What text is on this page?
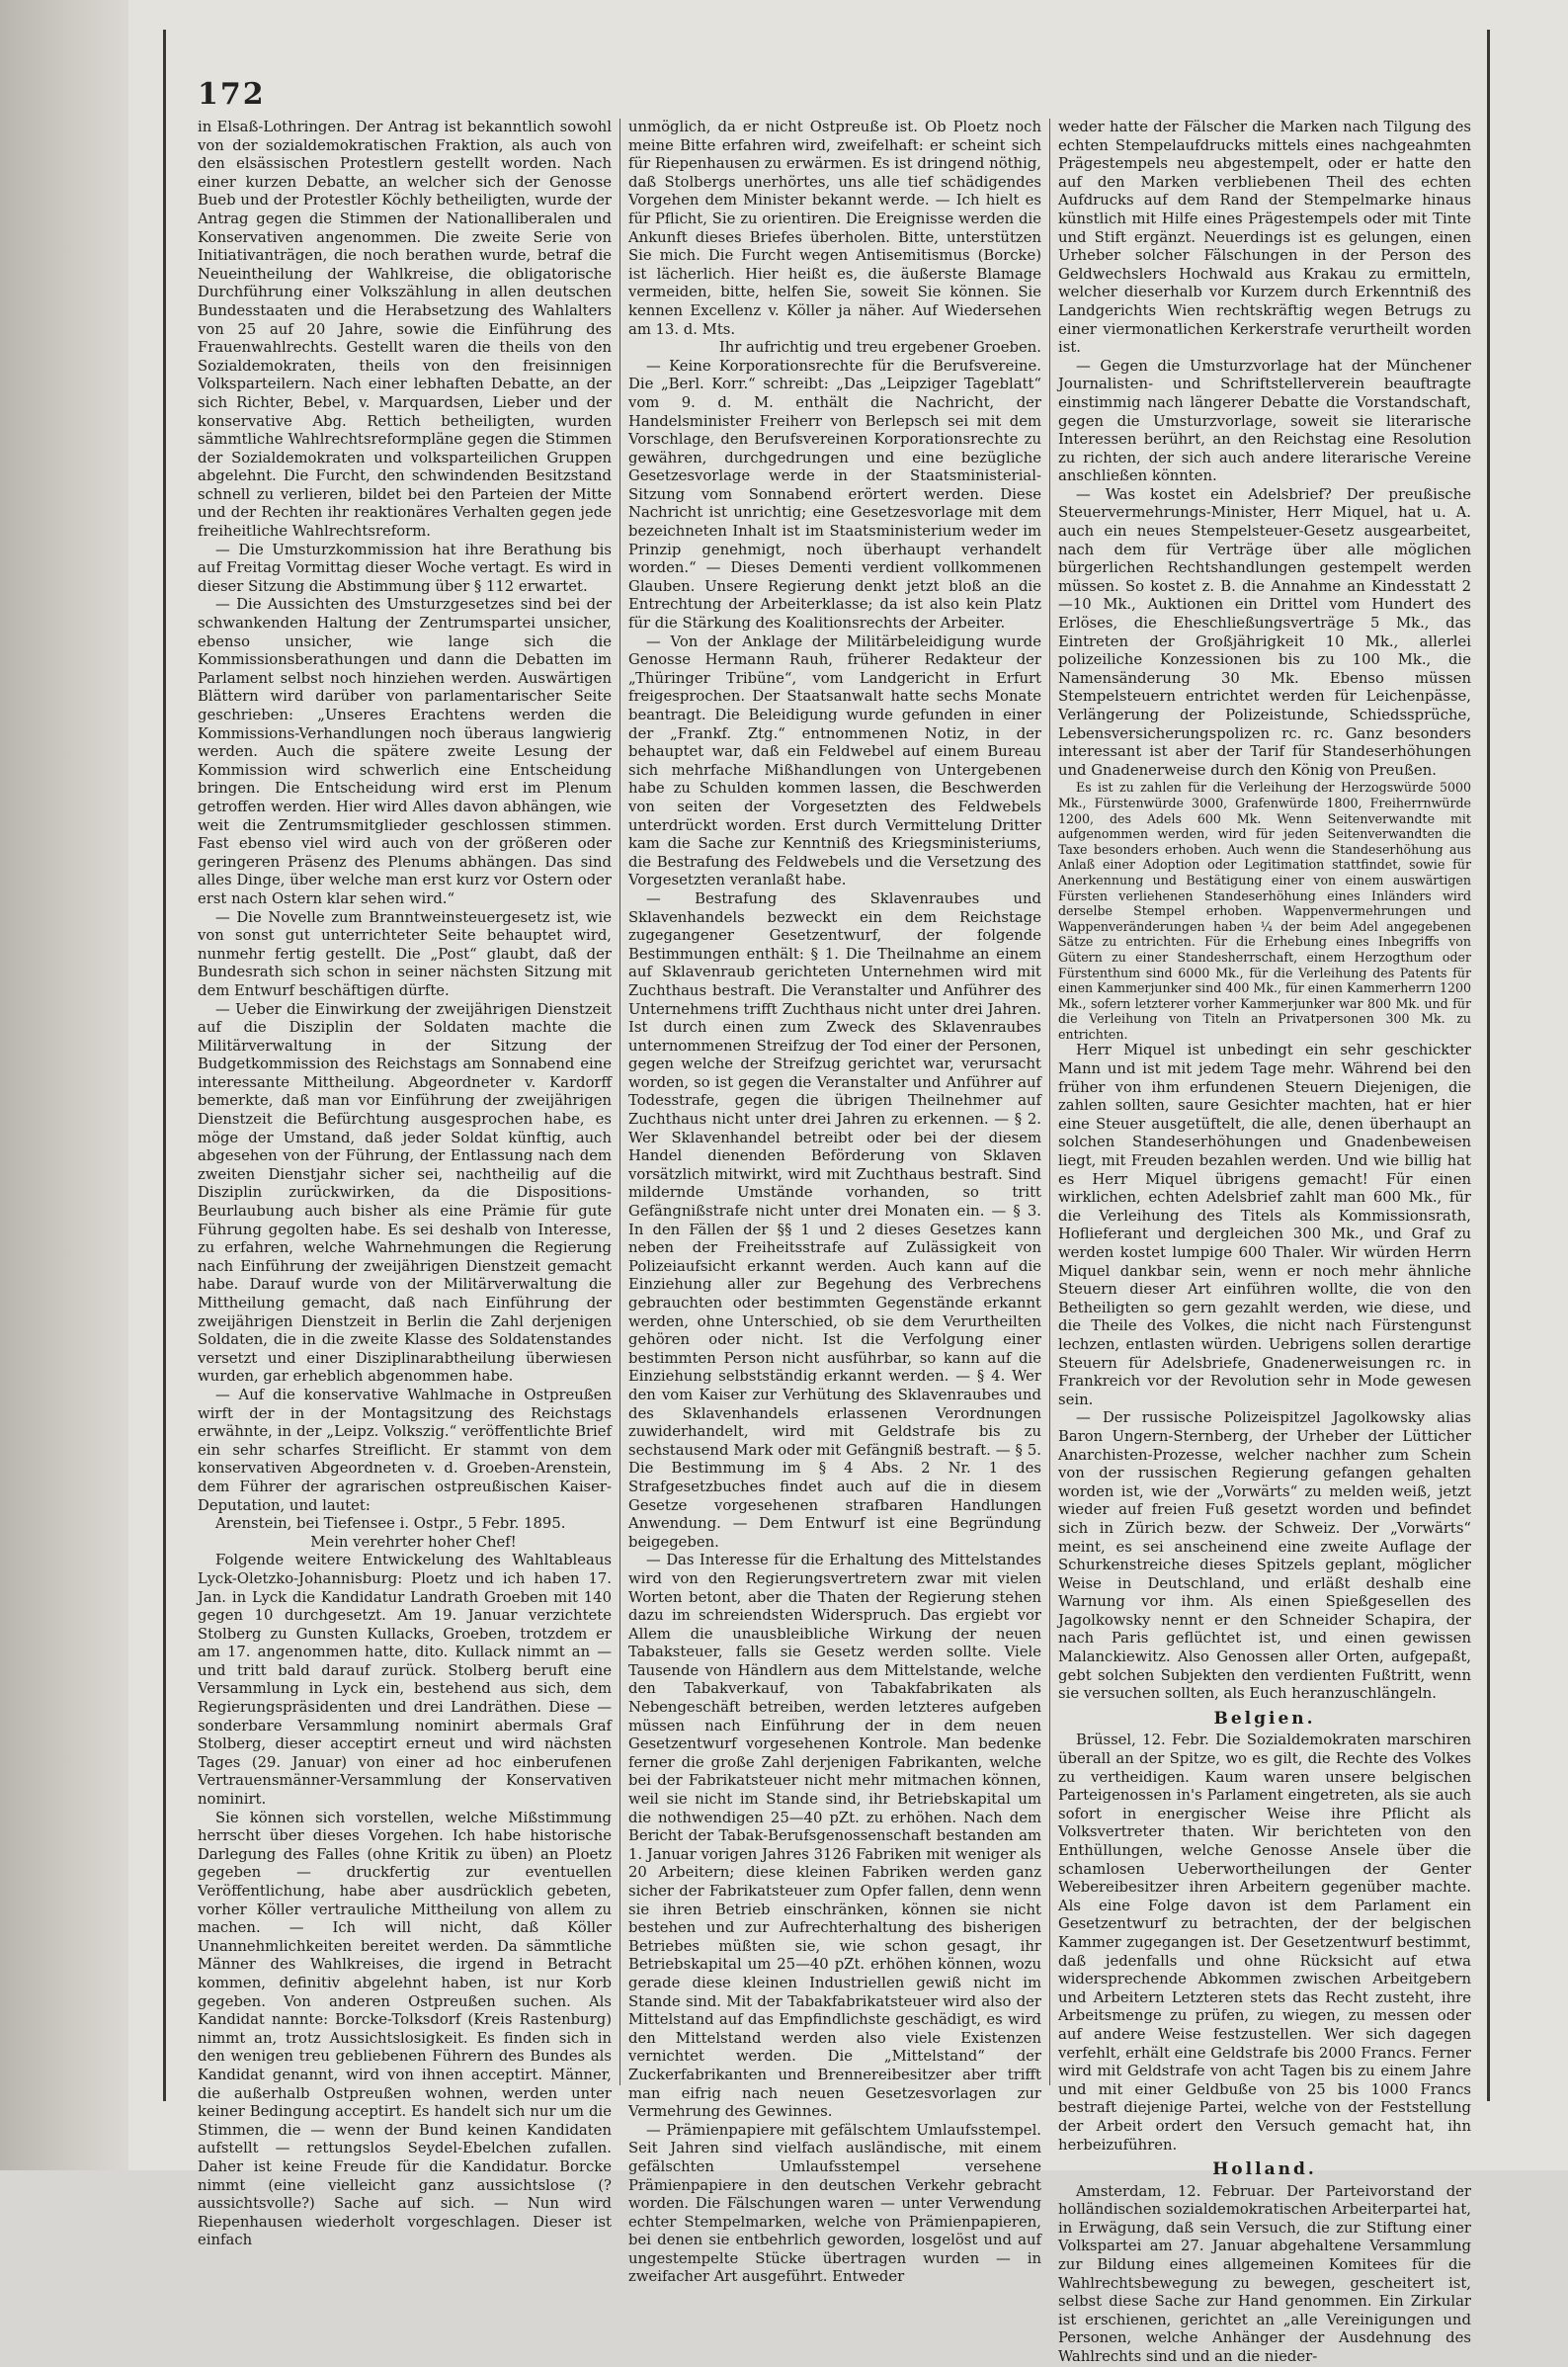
172

in Elsaß-Lothringen. Der Antrag ist bekanntlich sowohl von der sozialdemokratischen Fraktion, als auch von den elsässischen Protestlern gestellt worden. Nach einer kurzen Debatte, an welcher sich der Genosse Bueb und der Protestler Köchly betheiligten, wurde der Antrag gegen die Stimmen der Nationalliberalen und Konservativen angenommen. Die zweite Serie von Initiativanträgen, die noch berathen wurde, betraf die Neueintheilung der Wahlkreise, die obligatorische Durchführung einer Volkszählung in allen deutschen Bundesstaaten und die Herabsetzung des Wahlalters von 25 auf 20 Jahre, sowie die Einführung des Frauenwahlrechts. Gestellt waren die theils von den Sozialdemokraten, theils von den freisinnigen Volksparteilern. Nach einer lebhaften Debatte, an der sich Richter, Bebel, v. Marquardsen, Lieber und der konservative Abg. Rettich betheiligten, wurden sämmtliche Wahlrechtsreformpläne gegen die Stimmen der Sozialdemokraten und volksparteilichen Gruppen abgelehnt. Die Furcht, den schwindenden Besitzstand schnell zu verlieren, bildet bei den Parteien der Mitte und der Rechten ihr reaktionäres Verhalten gegen jede freiheitliche Wahlrechtsreform.

— Die Umsturzkommission hat ihre Berathung bis auf Freitag Vormittag dieser Woche vertagt. Es wird in dieser Sitzung die Abstimmung über § 112 erwartet.

— Die Aussichten des Umsturzgesetzes sind bei der schwankenden Haltung der Zentrumspartei unsicher, ebenso unsicher, wie lange sich die Kommissionsberathungen und dann die Debatten im Parlament selbst noch hinziehen werden. Auswärtigen Blättern wird darüber von parlamentarischer Seite geschrieben: „Unseres Erachtens werden die Kommissions-Verhandlungen noch überaus langwierig werden. Auch die spätere zweite Lesung der Kommission wird schwerlich eine Entscheidung bringen. Die Entscheidung wird erst im Plenum getroffen werden. Hier wird Alles davon abhängen, wie weit die Zentrumsmitglieder geschlossen stimmen. Fast ebenso viel wird auch von der größeren oder geringeren Präsenz des Plenums abhängen. Das sind alles Dinge, über welche man erst kurz vor Ostern oder erst nach Ostern klar sehen wird.“

— Die Novelle zum Branntweinsteuergesetz ist, wie von sonst gut unterrichteter Seite behauptet wird, nunmehr fertig gestellt. Die „Post“ glaubt, daß der Bundesrath sich schon in seiner nächsten Sitzung mit dem Entwurf beschäftigen dürfte.

— Ueber die Einwirkung der zweijährigen Dienstzeit auf die Disziplin der Soldaten machte die Militärverwaltung in der Sitzung der Budgetkommission des Reichstags am Sonnabend eine interessante Mittheilung. Abgeordneter v. Kardorff bemerkte, daß man vor Einführung der zweijährigen Dienstzeit die Befürchtung ausgesprochen habe, es möge der Umstand, daß jeder Soldat künftig, auch abgesehen von der Führung, der Entlassung nach dem zweiten Dienstjahr sicher sei, nachtheilig auf die Disziplin zurückwirken, da die Dispositions-Beurlaubung auch bisher als eine Prämie für gute Führung gegolten habe. Es sei deshalb von Interesse, zu erfahren, welche Wahrnehmungen die Regierung nach Einführung der zweijährigen Dienstzeit gemacht habe. Darauf wurde von der Militärverwaltung die Mittheilung gemacht, daß nach Einführung der zweijährigen Dienstzeit in Berlin die Zahl derjenigen Soldaten, die in die zweite Klasse des Soldatenstandes versetzt und einer Disziplinarabtheilung überwiesen wurden, gar erheblich abgenommen habe.

— Auf die konservative Wahlmache in Ostpreußen wirft der in der Montagsitzung des Reichstags erwähnte, in der „Leipz. Volkszig.“ veröffentlichte Brief ein sehr scharfes Streiflicht. Er stammt von dem konservativen Abgeordneten v. d. Groeben-Arenstein, dem Führer der agrarischen ostpreußischen Kaiser-Deputation, und lautet:

Arenstein, bei Tiefensee i. Ostpr., 5 Febr. 1895.

Mein verehrter hoher Chef!

Folgende weitere Entwickelung des Wahltableaus Lyck-Oletzko-Johannisburg: Ploetz und ich haben 17. Jan. in Lyck die Kandidatur Landrath Groeben mit 140 gegen 10 durchgesetzt. Am 19. Januar verzichtete Stolberg zu Gunsten Kullacks, Groeben, trotzdem er am 17. angenommen hatte, dito. Kullack nimmt an — und tritt bald darauf zurück. Stolberg beruft eine Versammlung in Lyck ein, bestehend aus sich, dem Regierungspräsidenten und drei Landräthen. Diese — sonderbare Versammlung nominirt abermals Graf Stolberg, dieser acceptirt erneut und wird nächsten Tages (29. Januar) von einer ad hoc einberufenen Vertrauensmänner-Versammlung der Konservativen nominirt.

Sie können sich vorstellen, welche Mißstimmung herrscht über dieses Vorgehen. Ich habe historische Darlegung des Falles (ohne Kritik zu üben) an Ploetz gegeben — druckfertig zur eventuellen Veröffentlichung, habe aber ausdrücklich gebeten, vorher Köller vertrauliche Mittheilung von allem zu machen. — Ich will nicht, daß Köller Unannehmlichkeiten bereitet werden. Da sämmtliche Männer des Wahlkreises, die irgend in Betracht kommen, definitiv abgelehnt haben, ist nur Korb gegeben. Von anderen Ostpreußen suchen. Als Kandidat nannte: Borcke-Tolksdorf (Kreis Rastenburg) nimmt an, trotz Aussichtslosigkeit. Es finden sich in den wenigen treu gebliebenen Führern des Bundes als Kandidat genannt, wird von ihnen acceptirt. Männer, die außerhalb Ostpreußen wohnen, werden unter keiner Bedingung acceptirt. Es handelt sich nur um die Stimmen, die — wenn der Bund keinen Kandidaten aufstellt — rettungslos Seydel-Ebelchen zufallen. Daher ist keine Freude für die Kandidatur. Borcke nimmt (eine vielleicht ganz aussichtslose (? aussichtsvolle?) Sache auf sich. — Nun wird Riepenhausen wiederholt vorgeschlagen. Dieser ist einfach

unmöglich, da er nicht Ostpreuße ist. Ob Ploetz noch meine Bitte erfahren wird, zweifelhaft: er scheint sich für Riepenhausen zu erwärmen. Es ist dringend nöthig, daß Stolbergs unerhörtes, uns alle tief schädigendes Vorgehen dem Minister bekannt werde. — Ich hielt es für Pflicht, Sie zu orientiren. Die Ereignisse werden die Ankunft dieses Briefes überholen. Bitte, unterstützen Sie mich. Die Furcht wegen Antisemitismus (Borcke) ist lächerlich. Hier heißt es, die äußerste Blamage vermeiden, bitte, helfen Sie, soweit Sie können. Sie kennen Excellenz v. Köller ja näher. Auf Wiedersehen am 13. d. Mts.

Ihr aufrichtig und treu ergebener Groeben.

— Keine Korporationsrechte für die Berufsvereine. Die „Berl. Korr.“ schreibt: „Das „Leipziger Tageblatt“ vom 9. d. M. enthält die Nachricht, der Handelsminister Freiherr von Berlepsch sei mit dem Vorschlage, den Berufsvereinen Korporationsrechte zu gewähren, durchgedrungen und eine bezügliche Gesetzesvorlage werde in der Staatsministerial-Sitzung vom Sonnabend erörtert werden. Diese Nachricht ist unrichtig; eine Gesetzesvorlage mit dem bezeichneten Inhalt ist im Staatsministerium weder im Prinzip genehmigt, noch überhaupt verhandelt worden.“ — Dieses Dementi verdient vollkommenen Glauben. Unsere Regierung denkt jetzt bloß an die Entrechtung der Arbeiterklasse; da ist also kein Platz für die Stärkung des Koalitionsrechts der Arbeiter.

— Von der Anklage der Militärbeleidigung wurde Genosse Hermann Rauh, früherer Redakteur der „Thüringer Tribüne“, vom Landgericht in Erfurt freigesprochen. Der Staatsanwalt hatte sechs Monate beantragt. Die Beleidigung wurde gefunden in einer der „Frankf. Ztg.“ entnommenen Notiz, in der behauptet war, daß ein Feldwebel auf einem Bureau sich mehrfache Mißhandlungen von Untergebenen habe zu Schulden kommen lassen, die Beschwerden von seiten der Vorgesetzten des Feldwebels unterdrückt worden. Erst durch Vermittelung Dritter kam die Sache zur Kenntniß des Kriegsministeriums, die Bestrafung des Feldwebels und die Versetzung des Vorgesetzten veranlaßt habe.

— Bestrafung des Sklavenraubes und Sklavenhandels bezweckt ein dem Reichstage zugegangener Gesetzentwurf, der folgende Bestimmungen enthält: § 1. Die Theilnahme an einem auf Sklavenraub gerichteten Unternehmen wird mit Zuchthaus bestraft. Die Veranstalter und Anführer des Unternehmens trifft Zuchthaus nicht unter drei Jahren. Ist durch einen zum Zweck des Sklavenraubes unternommenen Streifzug der Tod einer der Personen, gegen welche der Streifzug gerichtet war, verursacht worden, so ist gegen die Veranstalter und Anführer auf Todesstrafe, gegen die übrigen Theilnehmer auf Zuchthaus nicht unter drei Jahren zu erkennen. — § 2. Wer Sklavenhandel betreibt oder bei der diesem Handel dienenden Beförderung von Sklaven vorsätzlich mitwirkt, wird mit Zuchthaus bestraft. Sind mildernde Umstände vorhanden, so tritt Gefängnißstrafe nicht unter drei Monaten ein. — § 3. In den Fällen der §§ 1 und 2 dieses Gesetzes kann neben der Freiheitsstrafe auf Zulässigkeit von Polizeiaufsicht erkannt werden. Auch kann auf die Einziehung aller zur Begehung des Verbrechens gebrauchten oder bestimmten Gegenstände erkannt werden, ohne Unterschied, ob sie dem Verurtheilten gehören oder nicht. Ist die Verfolgung einer bestimmten Person nicht ausführbar, so kann auf die Einziehung selbstständig erkannt werden. — § 4. Wer den vom Kaiser zur Verhütung des Sklavenraubes und des Sklavenhandels erlassenen Verordnungen zuwiderhandelt, wird mit Geldstrafe bis zu sechstausend Mark oder mit Gefängniß bestraft. — § 5. Die Bestimmung im § 4 Abs. 2 Nr. 1 des Strafgesetzbuches findet auch auf die in diesem Gesetze vorgesehenen strafbaren Handlungen Anwendung. — Dem Entwurf ist eine Begründung beigegeben.

— Das Interesse für die Erhaltung des Mittelstandes wird von den Regierungsvertretern zwar mit vielen Worten betont, aber die Thaten der Regierung stehen dazu im schreiendsten Widerspruch. Das ergiebt vor Allem die unausbleibliche Wirkung der neuen Tabaksteuer, falls sie Gesetz werden sollte. Viele Tausende von Händlern aus dem Mittelstande, welche den Tabakverkauf, von Tabakfabrikaten als Nebengeschäft betreiben, werden letzteres aufgeben müssen nach Einführung der in dem neuen Gesetzentwurf vorgesehenen Kontrole. Man bedenke ferner die große Zahl derjenigen Fabrikanten, welche bei der Fabrikatsteuer nicht mehr mitmachen können, weil sie nicht im Stande sind, ihr Betriebskapital um die nothwendigen 25—40 pZt. zu erhöhen. Nach dem Bericht der Tabak-Berufsgenossenschaft bestanden am 1. Januar vorigen Jahres 3126 Fabriken mit weniger als 20 Arbeitern; diese kleinen Fabriken werden ganz sicher der Fabrikatsteuer zum Opfer fallen, denn wenn sie ihren Betrieb einschränken, können sie nicht bestehen und zur Aufrechterhaltung des bisherigen Betriebes müßten sie, wie schon gesagt, ihr Betriebskapital um 25—40 pZt. erhöhen können, wozu gerade diese kleinen Industriellen gewiß nicht im Stande sind. Mit der Tabakfabrikatsteuer wird also der Mittelstand auf das Empfindlichste geschädigt, es wird den Mittelstand werden also viele Existenzen vernichtet werden. Die „Mittelstand“ der Zuckerfabrikanten und Brennereibesitzer aber trifft man eifrig nach neuen Gesetzesvorlagen zur Vermehrung des Gewinnes.

— Prämienpapiere mit gefälschtem Umlaufsstempel. Seit Jahren sind vielfach ausländische, mit einem gefälschten Umlaufsstempel versehene Prämienpapiere in den deutschen Verkehr gebracht worden. Die Fälschungen waren — unter Verwendung echter Stempelmarken, welche von Prämienpapieren, bei denen sie entbehrlich geworden, losgelöst und auf ungestempelte Stücke übertragen wurden — in zweifacher Art ausgeführt. Entweder

weder hatte der Fälscher die Marken nach Tilgung des echten Stempelaufdrucks mittels eines nachgeahmten Prägestempels neu abgestempelt, oder er hatte den auf den Marken verbliebenen Theil des echten Aufdrucks auf dem Rand der Stempelmarke hinaus künstlich mit Hilfe eines Prägestempels oder mit Tinte und Stift ergänzt. Neuerdings ist es gelungen, einen Urheber solcher Fälschungen in der Person des Geldwechslers Hochwald aus Krakau zu ermitteln, welcher dieserhalb vor Kurzem durch Erkenntniß des Landgerichts Wien rechtskräftig wegen Betrugs zu einer viermonatlichen Kerkerstrafe verurtheilt worden ist.

— Gegen die Umsturzvorlage hat der Münchener Journalisten- und Schriftstellerverein beauftragte einstimmig nach längerer Debatte die Vorstandschaft, gegen die Umsturzvorlage, soweit sie literarische Interessen berührt, an den Reichstag eine Resolution zu richten, der sich auch andere literarische Vereine anschließen könnten.

— Was kostet ein Adelsbrief? Der preußische Steuervermehrungs-Minister, Herr Miquel, hat u. A. auch ein neues Stempelsteuer-Gesetz ausgearbeitet, nach dem für Verträge über alle möglichen bürgerlichen Rechtshandlungen gestempelt werden müssen. So kostet z. B. die Annahme an Kindesstatt 2—10 Mk., Auktionen ein Drittel vom Hundert des Erlöses, die Eheschließungsverträge 5 Mk., das Eintreten der Großjährigkeit 10 Mk., allerlei polizeiliche Konzessionen bis zu 100 Mk., die Namensänderung 30 Mk. Ebenso müssen Stempelsteuern entrichtet werden für Leichenpässe, Verlängerung der Polizeistunde, Schiedssprüche, Lebensversicherungspolizen rc. rc. Ganz besonders interessant ist aber der Tarif für Standeserhöhungen und Gnadenerweise durch den König von Preußen.

Es ist zu zahlen für die Verleihung der Herzogswürde 5000 Mk., Fürstenwürde 3000, Grafenwürde 1800, Freiherrnwürde 1200, des Adels 600 Mk. Wenn Seitenverwandte mit aufgenommen werden, wird für jeden Seitenverwandten die Taxe besonders erhoben. Auch wenn die Standeserhöhung aus Anlaß einer Adoption oder Legitimation stattfindet, sowie für Anerkennung und Bestätigung einer von einem auswärtigen Fürsten verliehenen Standeserhöhung eines Inländers wird derselbe Stempel erhoben. Wappenvermehrungen und Wappenveränderungen haben ¼ der beim Adel angegebenen Sätze zu entrichten. Für die Erhebung eines Inbegriffs von Gütern zu einer Standesherrschaft, einem Herzogthum oder Fürstenthum sind 6000 Mk., für die Verleihung des Patents für einen Kammerjunker sind 400 Mk., für einen Kammerherrn 1200 Mk., sofern letzterer vorher Kammerjunker war 800 Mk. und für die Verleihung von Titeln an Privatpersonen 300 Mk. zu entrichten.

Herr Miquel ist unbedingt ein sehr geschickter Mann und ist mit jedem Tage mehr. Während bei den früher von ihm erfundenen Steuern Diejenigen, die zahlen sollten, saure Gesichter machten, hat er hier eine Steuer ausgetüftelt, die alle, denen überhaupt an solchen Standeserhöhungen und Gnadenbeweisen liegt, mit Freuden bezahlen werden. Und wie billig hat es Herr Miquel übrigens gemacht! Für einen wirklichen, echten Adelsbrief zahlt man 600 Mk., für die Verleihung des Titels als Kommissionsrath, Hoflieferant und dergleichen 300 Mk., und Graf zu werden kostet lumpige 600 Thaler. Wir würden Herrn Miquel dankbar sein, wenn er noch mehr ähnliche Steuern dieser Art einführen wollte, die von den Betheiligten so gern gezahlt werden, wie diese, und die Theile des Volkes, die nicht nach Fürstengunst lechzen, entlasten würden. Uebrigens sollen derartige Steuern für Adelsbriefe, Gnadenerweisungen rc. in Frankreich vor der Revolution sehr in Mode gewesen sein.

— Der russische Polizeispitzel Jagolkowsky alias Baron Ungern-Sternberg, der Urheber der Lütticher Anarchisten-Prozesse, welcher nachher zum Schein von der russischen Regierung gefangen gehalten worden ist, wie der „Vorwärts“ zu melden weiß, jetzt wieder auf freien Fuß gesetzt worden und befindet sich in Zürich bezw. der Schweiz. Der „Vorwärts“ meint, es sei anscheinend eine zweite Auflage der Schurkenstreiche dieses Spitzels geplant, möglicher Weise in Deutschland, und erläßt deshalb eine Warnung vor ihm. Als einen Spießgesellen des Jagolkowsky nennt er den Schneider Schapira, der nach Paris geflüchtet ist, und einen gewissen Malanckiewitz. Also Genossen aller Orten, aufgepaßt, gebt solchen Subjekten den verdienten Fußtritt, wenn sie versuchen sollten, als Euch heranzuschlängeln.

Belgien.

Brüssel, 12. Febr. Die Sozialdemokraten marschiren überall an der Spitze, wo es gilt, die Rechte des Volkes zu vertheidigen. Kaum waren unsere belgischen Parteigenossen in's Parlament eingetreten, als sie auch sofort in energischer Weise ihre Pflicht als Volksvertreter thaten. Wir berichteten von den Enthüllungen, welche Genosse Ansele über die schamlosen Ueberwortheilungen der Genter Webereibesitzer ihren Arbeitern gegenüber machte. Als eine Folge davon ist dem Parlament ein Gesetzentwurf zu betrachten, der der belgischen Kammer zugegangen ist. Der Gesetzentwurf bestimmt, daß jedenfalls und ohne Rücksicht auf etwa widersprechende Abkommen zwischen Arbeitgebern und Arbeitern Letzteren stets das Recht zusteht, ihre Arbeitsmenge zu prüfen, zu wiegen, zu messen oder auf andere Weise festzustellen. Wer sich dagegen verfehlt, erhält eine Geldstrafe bis 2000 Francs. Ferner wird mit Geldstrafe von acht Tagen bis zu einem Jahre und mit einer Geldbuße von 25 bis 1000 Francs bestraft diejenige Partei, welche von der Feststellung der Arbeit ordert den Versuch gemacht hat, ihn herbeizuführen.

Holland.

Amsterdam, 12. Februar. Der Parteivorstand der holländischen sozialdemokratischen Arbeiterpartei hat, in Erwägung, daß sein Versuch, die zur Stiftung einer Volkspartei am 27. Januar abgehaltene Versammlung zur Bildung eines allgemeinen Komitees für die Wahlrechtsbewegung zu bewegen, gescheitert ist, selbst diese Sache zur Hand genommen. Ein Zirkular ist erschienen, gerichtet an „alle Vereinigungen und Personen, welche Anhänger der Ausdehnung des Wahlrechts sind und an die nieder-
